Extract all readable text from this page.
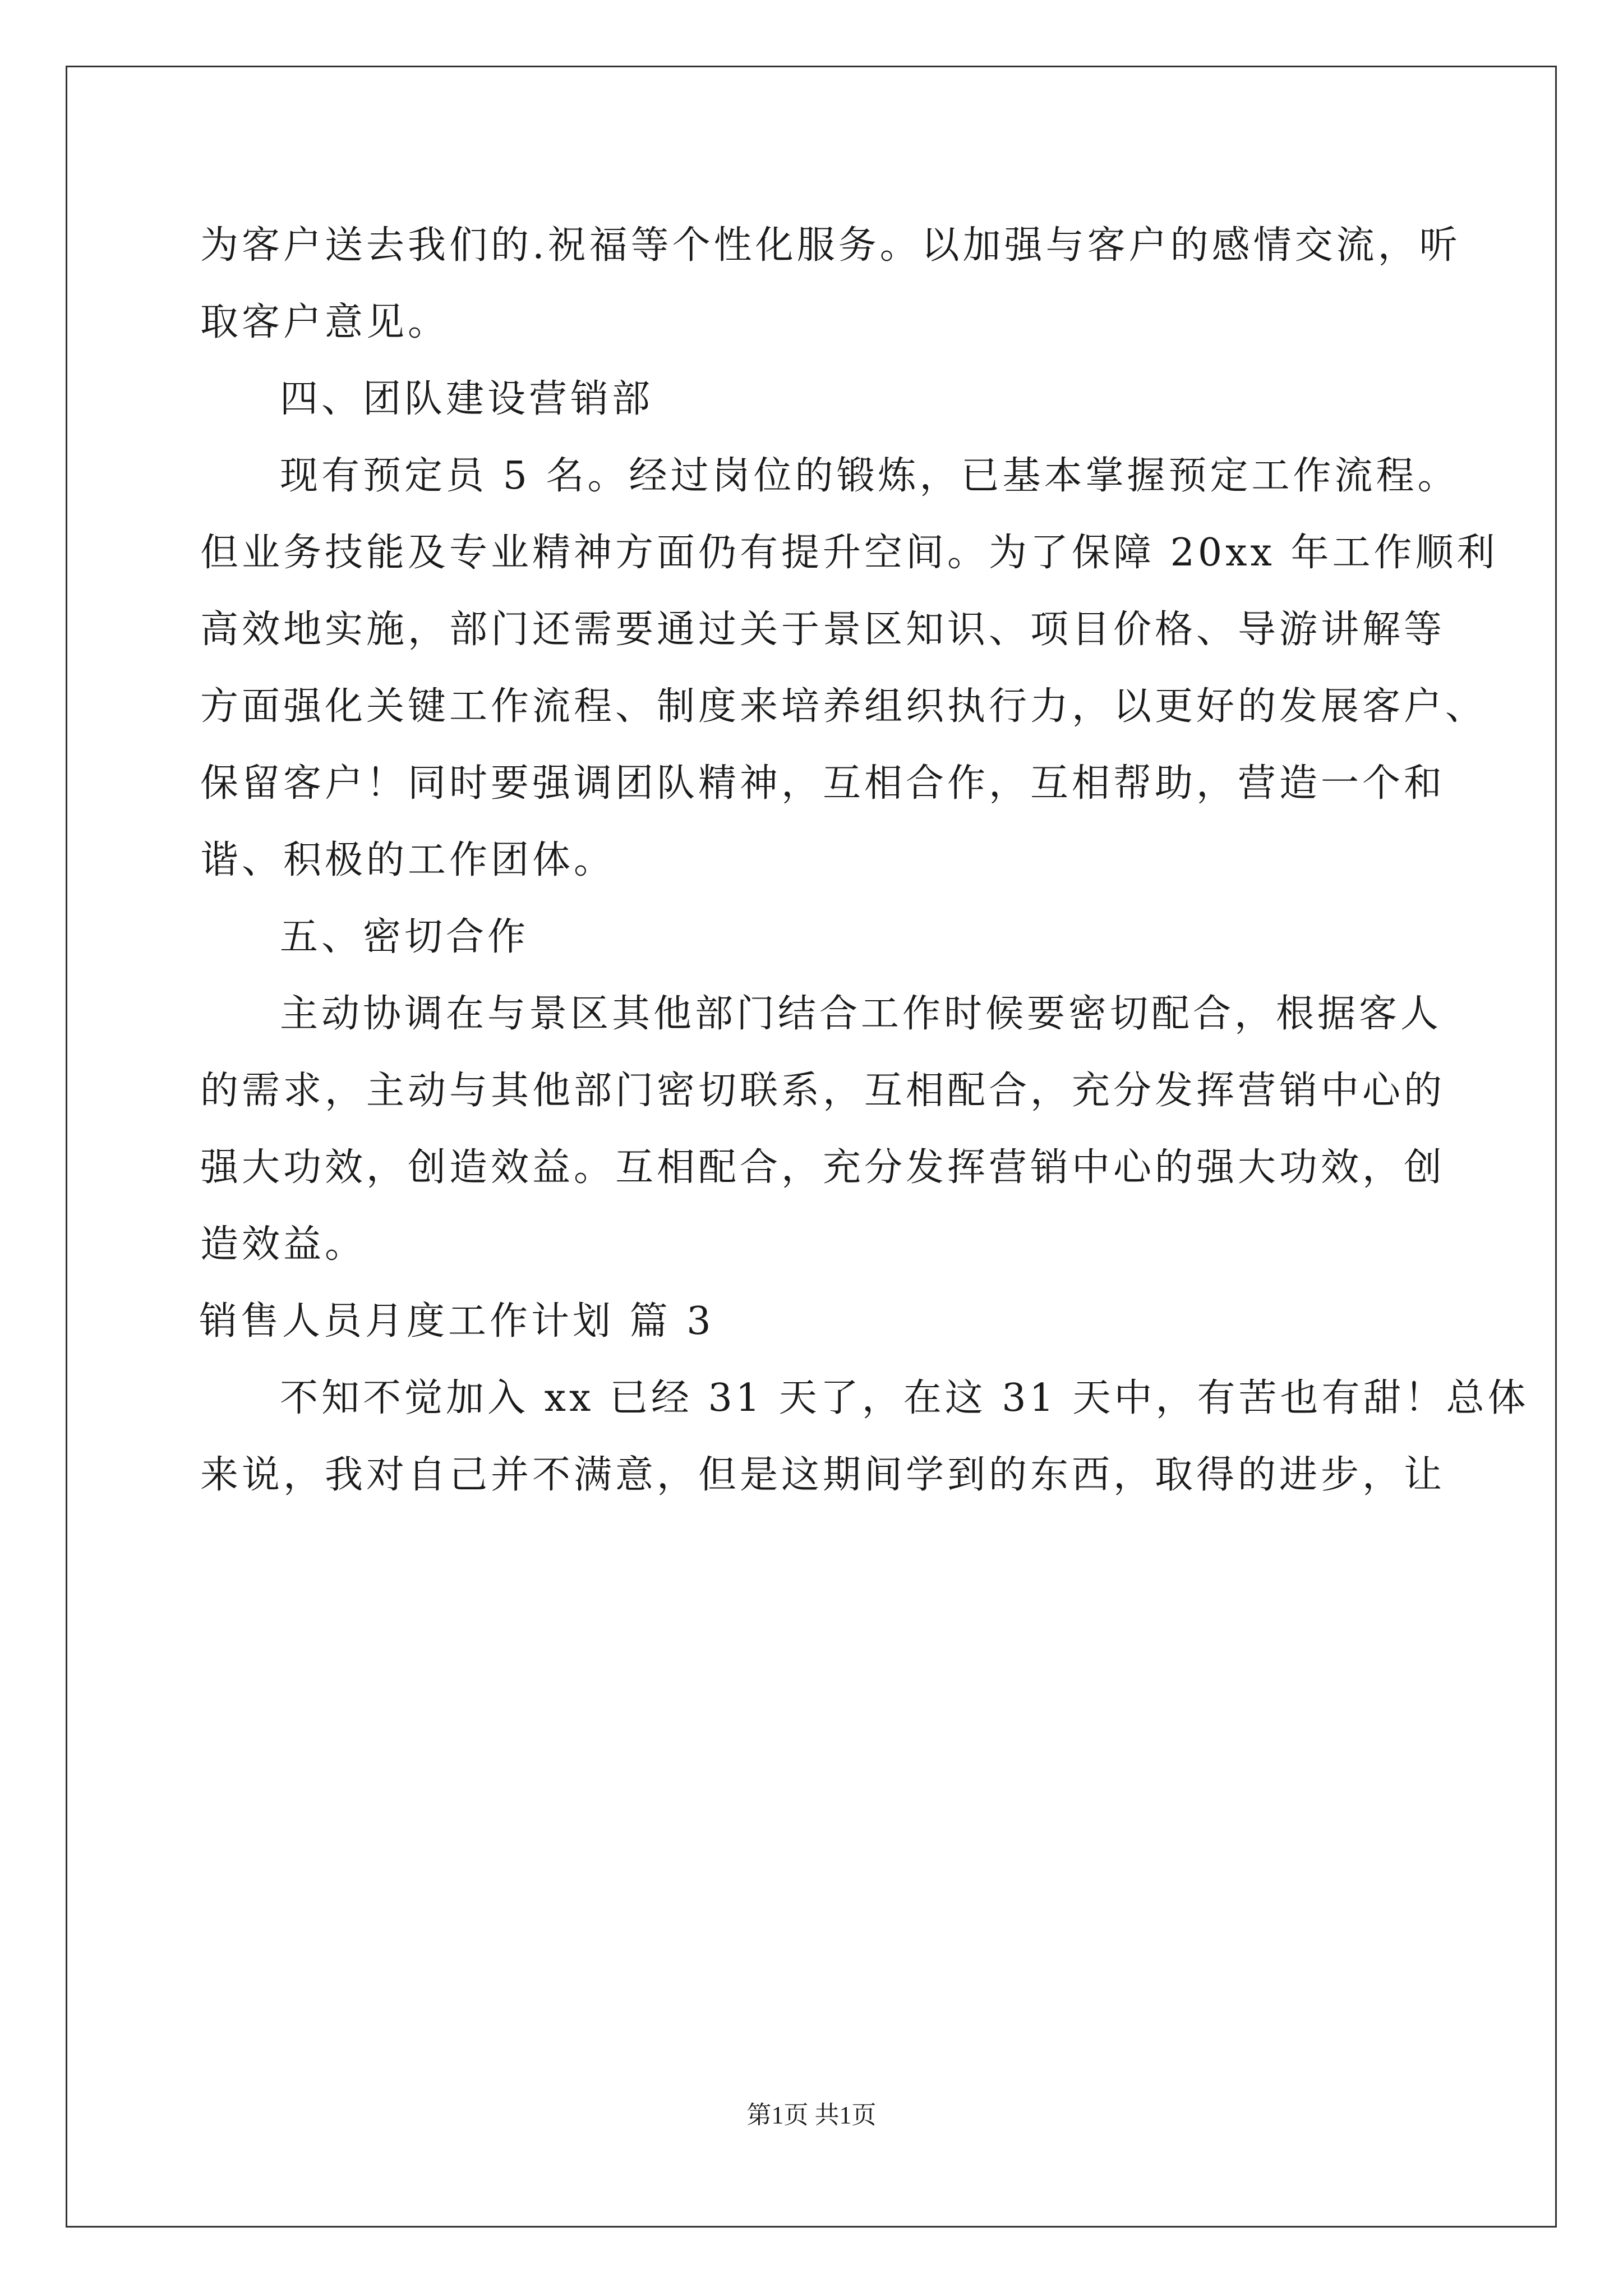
为客户送去我们的.祝福等个性化服务。以加强与客户的感情交流，听
取客户意见。
四、团队建设营销部
现有预定员 5 名。经过岗位的锻炼，已基本掌握预定工作流程。
但业务技能及专业精神方面仍有提升空间。为了保障 20xx 年工作顺利
高效地实施，部门还需要通过关于景区知识、项目价格、导游讲解等
方面强化关键工作流程、制度来培养组织执行力，以更好的发展客户、
保留客户！同时要强调团队精神，互相合作，互相帮助，营造一个和
谐、积极的工作团体。
五、密切合作
主动协调在与景区其他部门结合工作时候要密切配合，根据客人
的需求，主动与其他部门密切联系，互相配合，充分发挥营销中心的
强大功效，创造效益。互相配合，充分发挥营销中心的强大功效，创
造效益。
销售人员月度工作计划 篇 3
不知不觉加入 xx 已经 31 天了，在这 31 天中，有苦也有甜！总体
来说，我对自己并不满意，但是这期间学到的东西，取得的进步，让
第1页 共1页
